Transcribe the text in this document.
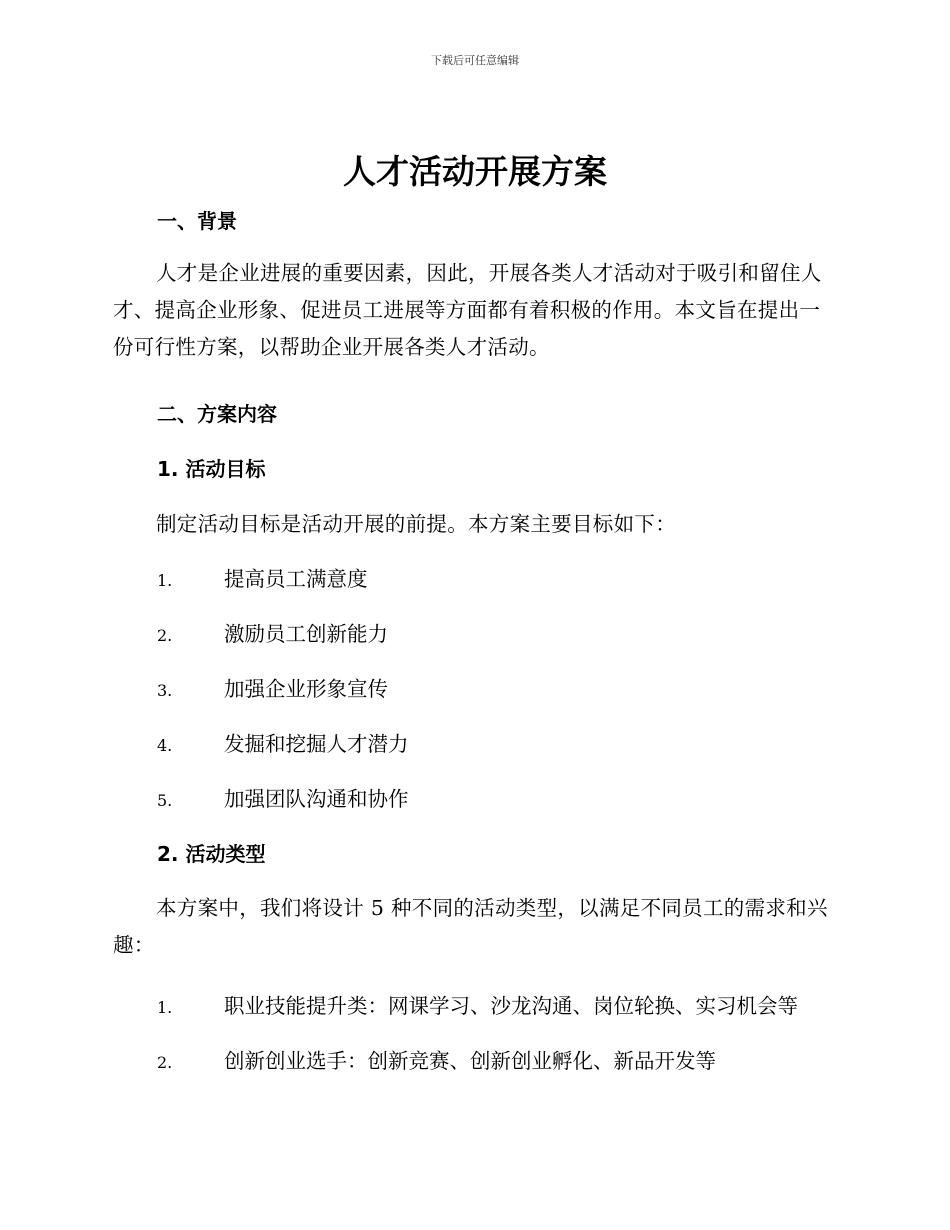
下载后可任意编辑
人才活动开展方案

一、背景

人才是企业进展的重要因素，因此，开展各类人才活动对于吸引和留住人才、提高企业形象、促进员工进展等方面都有着积极的作用。本文旨在提出一份可行性方案，以帮助企业开展各类人才活动。

二、方案内容

1. 活动目标

制定活动目标是活动开展的前提。本方案主要目标如下：

1.	提高员工满意度
2.	激励员工创新能力
3.	加强企业形象宣传
4.	发掘和挖掘人才潜力
5.	加强团队沟通和协作

2. 活动类型

本方案中，我们将设计 5 种不同的活动类型，以满足不同员工的需求和兴趣：

1.	职业技能提升类：网课学习、沙龙沟通、岗位轮换、实习机会等
2.	创新创业选手：创新竞赛、创新创业孵化、新品开发等
